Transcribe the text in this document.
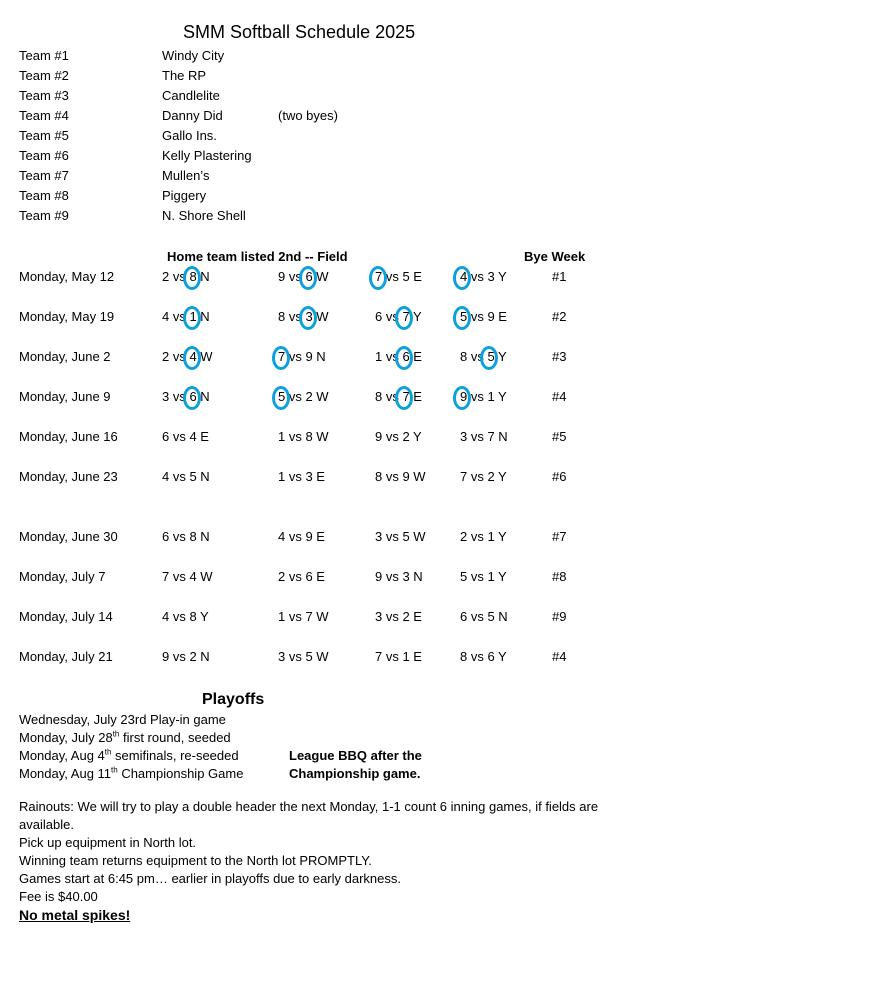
SMM Softball Schedule 2025
Team #1	Windy City
Team #2	The RP
Team #3	Candlelite
Team #4	Danny Did	(two byes)
Team #5	Gallo Ins.
Team #6	Kelly Plastering
Team #7	Mullen’s
Team #8	Piggery
Team #9	N. Shore Shell
Home team listed 2nd -- Field	Bye Week
Monday, May 12	2 vs 8 N	9 vs 6 W	7 vs 5 E	4 vs 3 Y	#1
Monday, May 19	4 vs 1 N	8 vs 3 W	6 vs 7 Y	5 vs 9 E	#2
Monday, June 2	2 vs 4 W	7 vs 9 N	1 vs 6 E	8 vs 5 Y	#3
Monday, June 9	3 vs 6 N	5 vs 2 W	8 vs 7 E	9 vs 1 Y	#4
Monday, June 16	6 vs 4 E	1 vs 8 W	9 vs 2 Y	3 vs 7 N	#5
Monday, June 23	4 vs 5 N	1 vs 3 E	8 vs 9 W	7 vs 2 Y	#6
Monday, June 30	6 vs 8 N	4 vs 9 E	3 vs 5 W	2 vs 1 Y	#7
Monday, July 7	7 vs 4 W	2 vs 6 E	9 vs 3 N	5 vs 1 Y	#8
Monday, July 14	4 vs 8 Y	1 vs 7 W	3 vs 2 E	6 vs 5 N	#9
Monday, July 21	9 vs 2 N	3 vs 5 W	7 vs 1 E	8 vs 6 Y	#4
Playoffs
Wednesday, July 23rd Play-in game
Monday, July 28th first round, seeded
Monday, Aug 4th semifinals, re-seeded
Monday, Aug 11th Championship Game
League BBQ after the
Championship game.
Rainouts: We will try to play a double header the next Monday, 1-1 count 6 inning games, if fields are
available.
Pick up equipment in North lot.
Winning team returns equipment to the North lot PROMPTLY.
Games start at 6:45 pm… earlier in playoffs due to early darkness.
Fee is $40.00
No metal spikes!
